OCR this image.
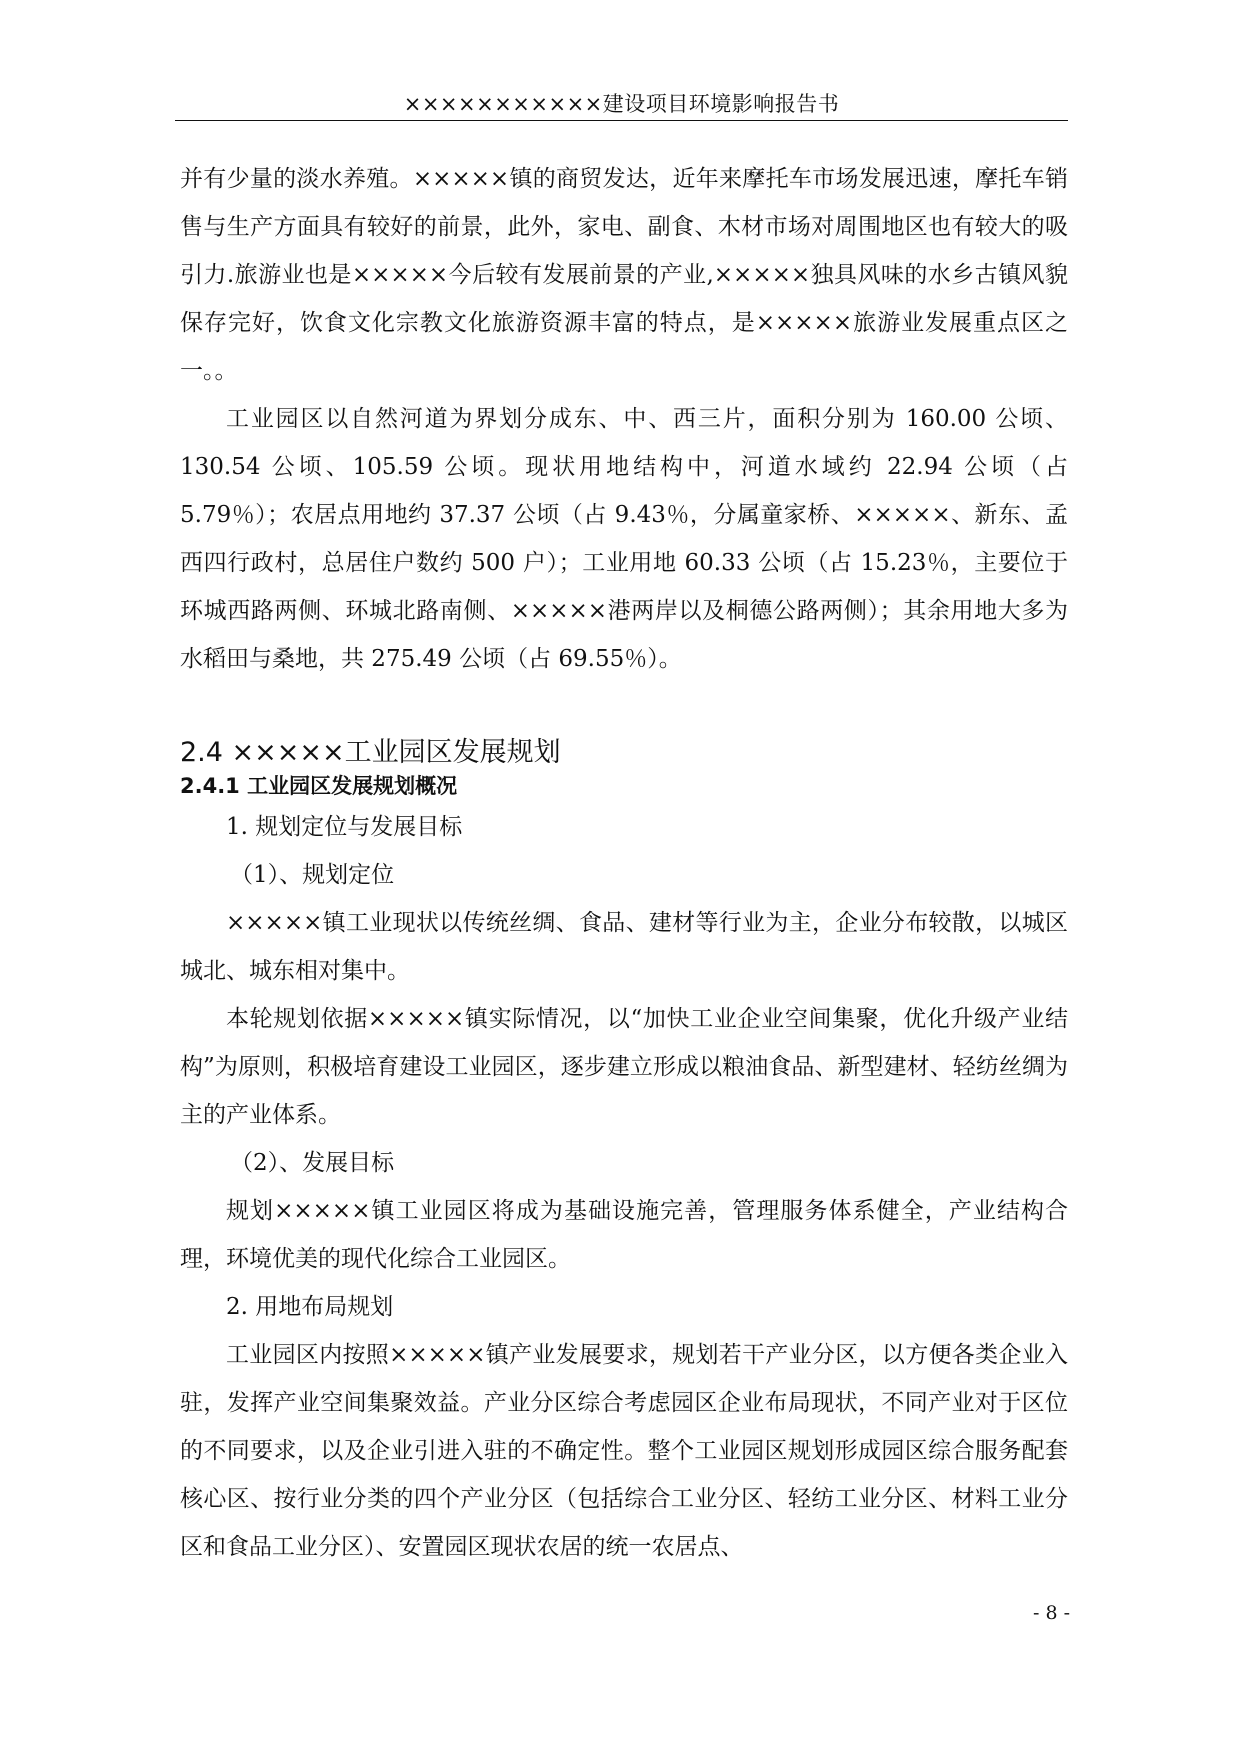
×××××××××××建设项目环境影响报告书

并有少量的淡水养殖。×××××镇的商贸发达，近年来摩托车市场发展迅速，摩托车销售与生产方面具有较好的前景，此外，家电、副食、木材市场对周围地区也有较大的吸引力.旅游业也是×××××今后较有发展前景的产业,×××××独具风味的水乡古镇风貌保存完好，饮食文化宗教文化旅游资源丰富的特点，是×××××旅游业发展重点区之一。。

工业园区以自然河道为界划分成东、中、西三片，面积分别为 160.00 公顷、130.54 公顷、105.59 公顷。现状用地结构中，河道水域约 22.94 公顷（占 5.79％）；农居点用地约 37.37 公顷（占 9.43％，分属童家桥、×××××、新东、孟西四行政村，总居住户数约 500 户）；工业用地 60.33 公顷（占 15.23％，主要位于环城西路两侧、环城北路南侧、×××××港两岸以及桐德公路两侧）；其余用地大多为水稻田与桑地，共 275.49 公顷（占 69.55％）。

2.4 ×××××工业园区发展规划
2.4.1 工业园区发展规划概况

1. 规划定位与发展目标

（1）、规划定位

×××××镇工业现状以传统丝绸、食品、建材等行业为主，企业分布较散，以城区城北、城东相对集中。

本轮规划依据×××××镇实际情况，以“加快工业企业空间集聚，优化升级产业结构”为原则，积极培育建设工业园区，逐步建立形成以粮油食品、新型建材、轻纺丝绸为主的产业体系。

（2）、发展目标

规划×××××镇工业园区将成为基础设施完善，管理服务体系健全，产业结构合理，环境优美的现代化综合工业园区。

2. 用地布局规划

工业园区内按照×××××镇产业发展要求，规划若干产业分区，以方便各类企业入驻，发挥产业空间集聚效益。产业分区综合考虑园区企业布局现状，不同产业对于区位的不同要求，以及企业引进入驻的不确定性。整个工业园区规划形成园区综合服务配套核心区、按行业分类的四个产业分区（包括综合工业分区、轻纺工业分区、材料工业分区和食品工业分区）、安置园区现状农居的统一农居点、

- 8 -
